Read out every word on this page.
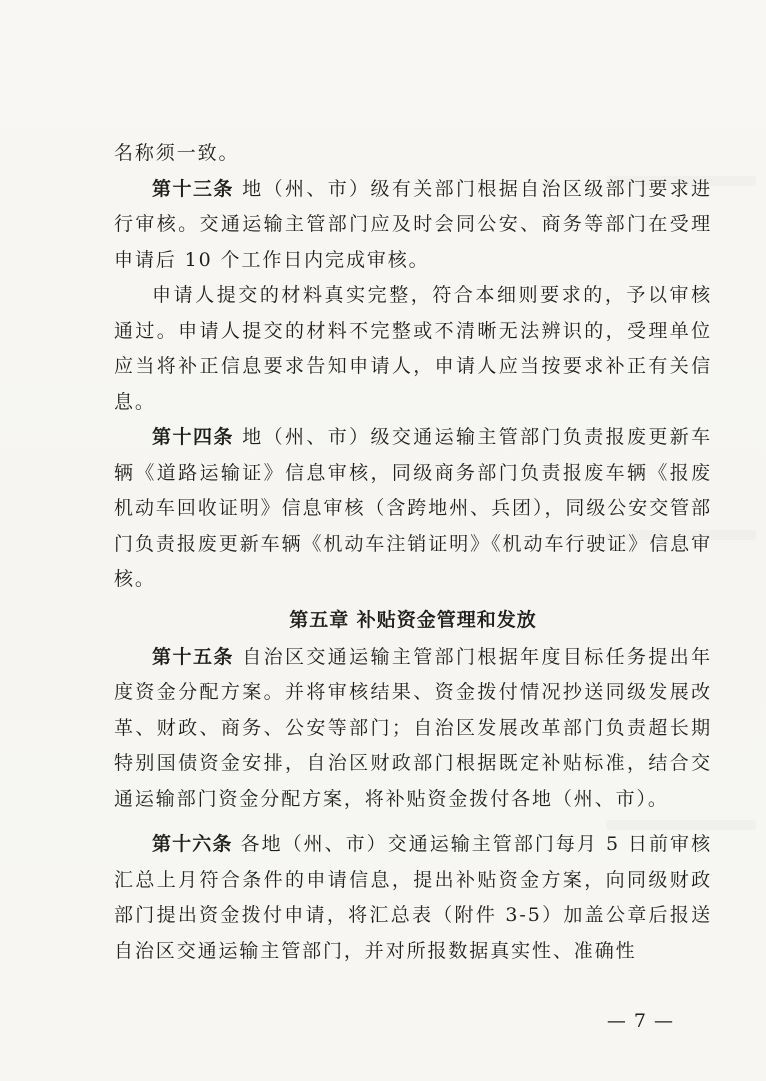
名称须一致。

第十三条 地（州、市）级有关部门根据自治区级部门要求进行审核。交通运输主管部门应及时会同公安、商务等部门在受理申请后 10 个工作日内完成审核。

申请人提交的材料真实完整，符合本细则要求的，予以审核通过。申请人提交的材料不完整或不清晰无法辨识的，受理单位应当将补正信息要求告知申请人，申请人应当按要求补正有关信息。

第十四条 地（州、市）级交通运输主管部门负责报废更新车辆《道路运输证》信息审核，同级商务部门负责报废车辆《报废机动车回收证明》信息审核（含跨地州、兵团），同级公安交管部门负责报废更新车辆《机动车注销证明》《机动车行驶证》信息审核。

第五章 补贴资金管理和发放

第十五条 自治区交通运输主管部门根据年度目标任务提出年度资金分配方案。并将审核结果、资金拨付情况抄送同级发展改革、财政、商务、公安等部门；自治区发展改革部门负责超长期特别国债资金安排，自治区财政部门根据既定补贴标准，结合交通运输部门资金分配方案，将补贴资金拨付各地（州、市）。

第十六条 各地（州、市）交通运输主管部门每月 5 日前审核汇总上月符合条件的申请信息，提出补贴资金方案，向同级财政部门提出资金拨付申请，将汇总表（附件 3-5）加盖公章后报送自治区交通运输主管部门，并对所报数据真实性、准确性

— 7 —
